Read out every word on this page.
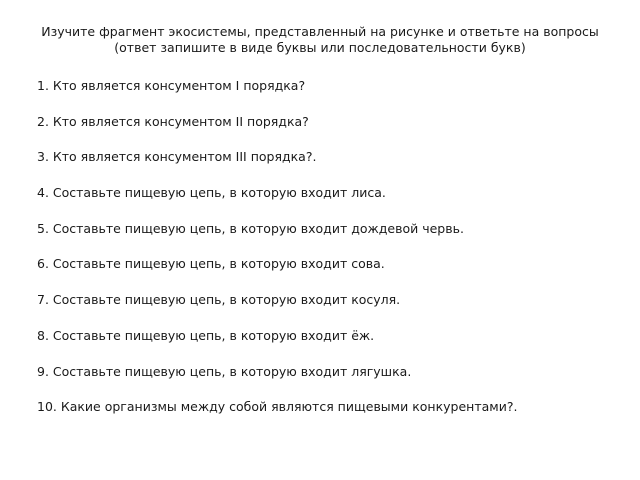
Изучите фрагмент экосистемы, представленный на рисунке и ответьте на вопросы
(ответ запишите в виде буквы или последовательности букв)
1. Кто является консументом I порядка?
2. Кто является консументом II порядка?
3. Кто является консументом III порядка?.
4. Составьте пищевую цепь, в которую входит лиса.
5. Составьте пищевую цепь, в которую входит дождевой червь.
6. Составьте пищевую цепь, в которую входит сова.
7. Составьте пищевую цепь, в которую входит косуля.
8. Составьте пищевую цепь, в которую входит ёж.
9. Составьте пищевую цепь, в которую входит лягушка.
10. Какие организмы между собой являются пищевыми конкурентами?.
